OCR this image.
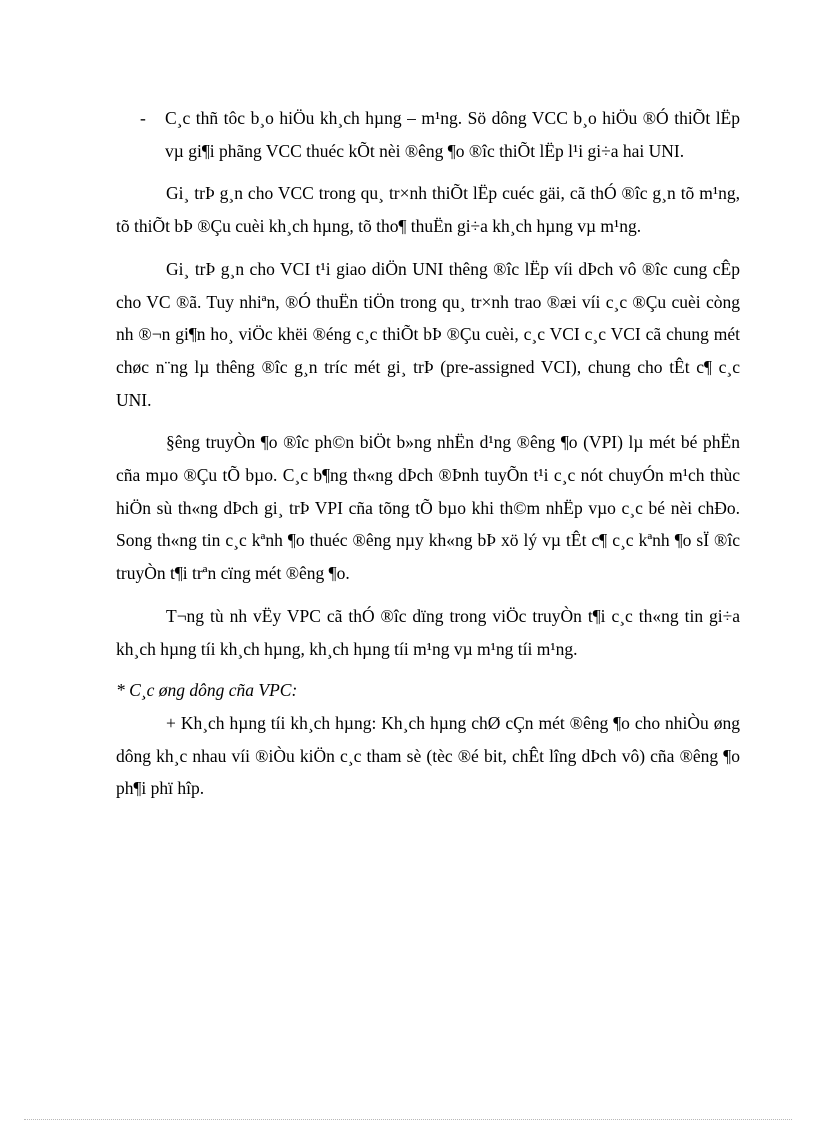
- C¸c thñ tôc b¸o hiÖu kh¸ch hµng – m¹ng. Sö dông VCC b¸o hiÖu ®Ó thiÕt lËp vµ gi¶i phãng VCC thuéc kÕt nèi ®êng ¶o ®îc thiÕt lËp l¹i gi÷a hai UNI.

Gi¸ trÞ g¸n cho VCC trong qu¸ tr×nh thiÕt lËp cuéc gäi, cã thÓ ®îc g¸n tõ m¹ng, tõ thiÕt bÞ ®Çu cuèi kh¸ch hµng, tõ tho¶ thuËn gi÷a kh¸ch hµng vµ m¹ng.

Gi¸ trÞ g¸n cho VCI t¹i giao diÖn UNI thêng ®îc lËp víi dÞch vô ®îc cung cÊp cho VC ®ã. Tuy nhiªn, ®Ó thuËn tiÖn trong qu¸ tr×nh trao ®æi víi c¸c ®Çu cuèi còng nh ®¬n gi¶n ho¸ viÖc khëi ®éng c¸c thiÕt bÞ ®Çu cuèi, c¸c VCI c¸c VCI cã chung mét chøc n¨ng lµ thêng ®îc g¸n tríc mét gi¸ trÞ (pre-assigned VCI), chung cho tÊt c¶ c¸c UNI.

§êng truyÒn ¶o ®îc ph©n biÖt b»ng nhËn d¹ng ®êng ¶o (VPI) lµ mét bé phËn cña mµo ®Çu tÕ bµo. C¸c b¶ng th«ng dÞch ®Þnh tuyÕn t¹i c¸c nót chuyÓn m¹ch thùc hiÖn sù th«ng dÞch gi¸ trÞ VPI cña tõng tÕ bµo khi th©m nhËp vµo c¸c bé nèi chÐo. Song th«ng tin c¸c kªnh ¶o thuéc ®êng nµy kh«ng bÞ xö lý vµ tÊt c¶ c¸c kªnh ¶o sÏ ®îc truyÒn t¶i trªn cïng mét ®êng ¶o.

T¬ng tù nh vËy VPC cã thÓ ®îc dïng trong viÖc truyÒn t¶i c¸c th«ng tin gi÷a kh¸ch hµng tíi kh¸ch hµng, kh¸ch hµng tíi m¹ng vµ m¹ng tíi m¹ng.

* C¸c øng dông cña VPC:

+ Kh¸ch hµng tíi kh¸ch hµng: Kh¸ch hµng chØ cÇn mét ®êng ¶o cho nhiÒu øng dông kh¸c nhau víi ®iÒu kiÖn c¸c tham sè (tèc ®é bit, chÊt lîng dÞch vô) cña ®êng ¶o ph¶i phï hîp.
